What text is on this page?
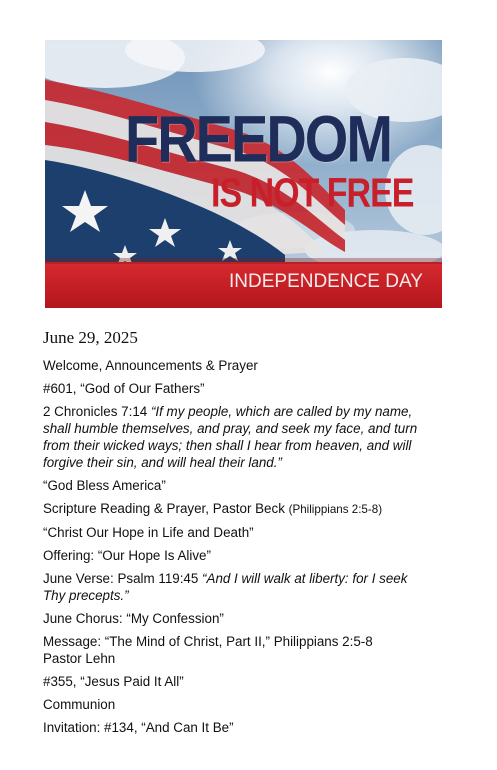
FREEDOM
IS NOT FREE
INDEPENDENCE DAY
June 29, 2025
Welcome, Announcements & Prayer
#601, “God of Our Fathers”
2 Chronicles 7:14 “If my people, which are called by my name, shall humble themselves, and pray, and seek my face, and turn from their wicked ways; then shall I hear from heaven, and will forgive their sin, and will heal their land.”
“God Bless America”
Scripture Reading & Prayer, Pastor Beck (Philippians 2:5-8)
“Christ Our Hope in Life and Death”
Offering: “Our Hope Is Alive”
June Verse: Psalm 119:45 “And I will walk at liberty: for I seek Thy precepts.”
June Chorus: “My Confession”
Message: “The Mind of Christ, Part II,” Philippians 2:5-8
Pastor Lehn
#355, “Jesus Paid It All”
Communion
Invitation: #134, “And Can It Be”
